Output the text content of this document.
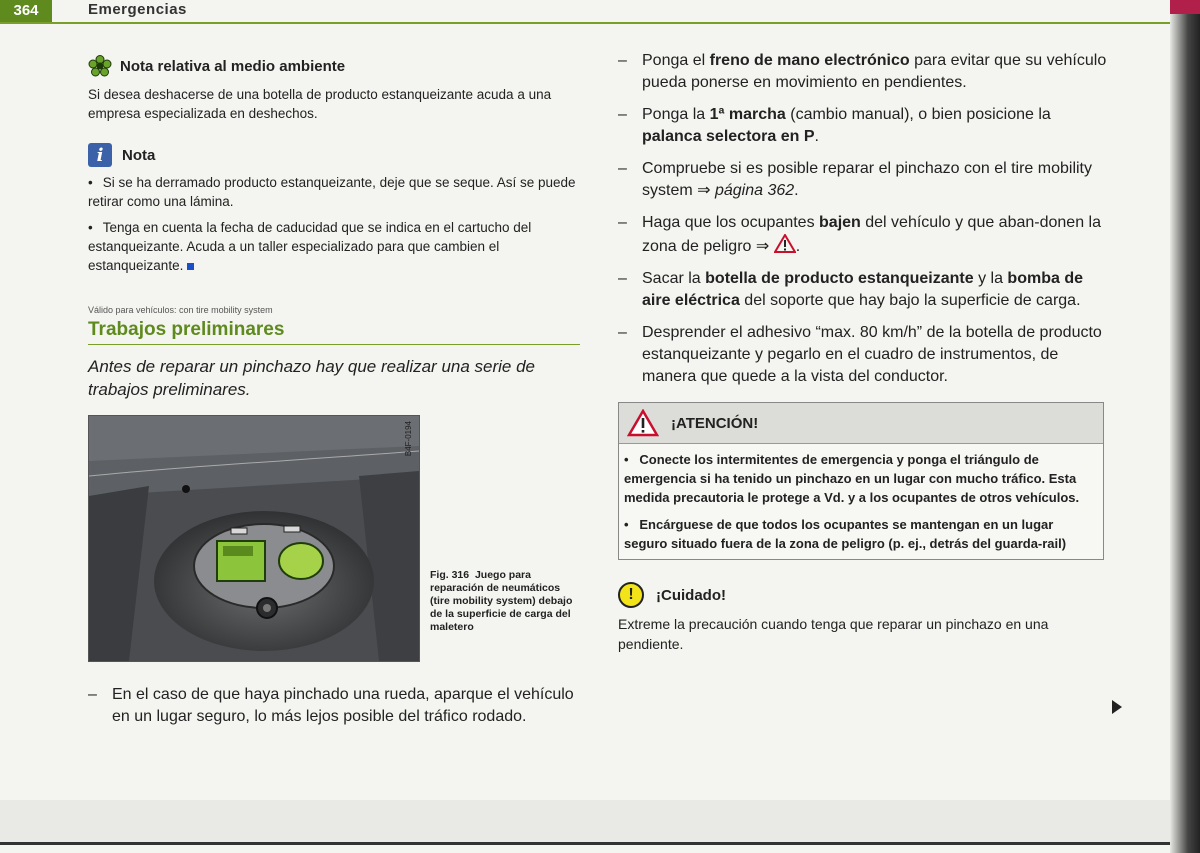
364	Emergencias
Nota relativa al medio ambiente

Si desea deshacerse de una botella de producto estanqueizante acuda a una empresa especializada en deshechos.

i	Nota

• Si se ha derramado producto estanqueizante, deje que se seque. Así se puede retirar como una lámina.

• Tenga en cuenta la fecha de caducidad que se indica en el cartucho del estanqueizante. Acuda a un taller especializado para que cambien el estanqueizante.

Válido para vehículos: con tire mobility system
Trabajos preliminares
Antes de reparar un pinchazo hay que realizar una serie de trabajos preliminares.
B4F-0194
Fig. 316 Juego para reparación de neumáticos (tire mobility system) debajo de la superficie de carga del maletero
– En el caso de que haya pinchado una rueda, aparque el vehículo en un lugar seguro, lo más lejos posible del tráfico rodado.
– Ponga el freno de mano electrónico para evitar que su vehículo pueda ponerse en movimiento en pendientes.
– Ponga la 1ª marcha (cambio manual), o bien posicione la palanca selectora en P.
– Compruebe si es posible reparar el pinchazo con el tire mobility system ⇒ página 362.
– Haga que los ocupantes bajen del vehículo y que aban-donen la zona de peligro ⇒ .
– Sacar la botella de producto estanqueizante y la bomba de aire eléctrica del soporte que hay bajo la superficie de carga.
– Desprender el adhesivo “max. 80 km/h” de la botella de producto estanqueizante y pegarlo en el cuadro de instrumentos, de manera que quede a la vista del conductor.
¡ATENCIÓN!

•   Conecte los intermitentes de emergencia y ponga el triángulo de emergencia si ha tenido un pinchazo en un lugar con mucho tráfico. Esta medida precautoria le protege a Vd. y a los ocupantes de otros vehículos.

•   Encárguese de que todos los ocupantes se mantengan en un lugar seguro situado fuera de la zona de peligro (p. ej., detrás del guarda-rail)

!	¡Cuidado!
Extreme la precaución cuando tenga que reparar un pinchazo en una pendiente.
